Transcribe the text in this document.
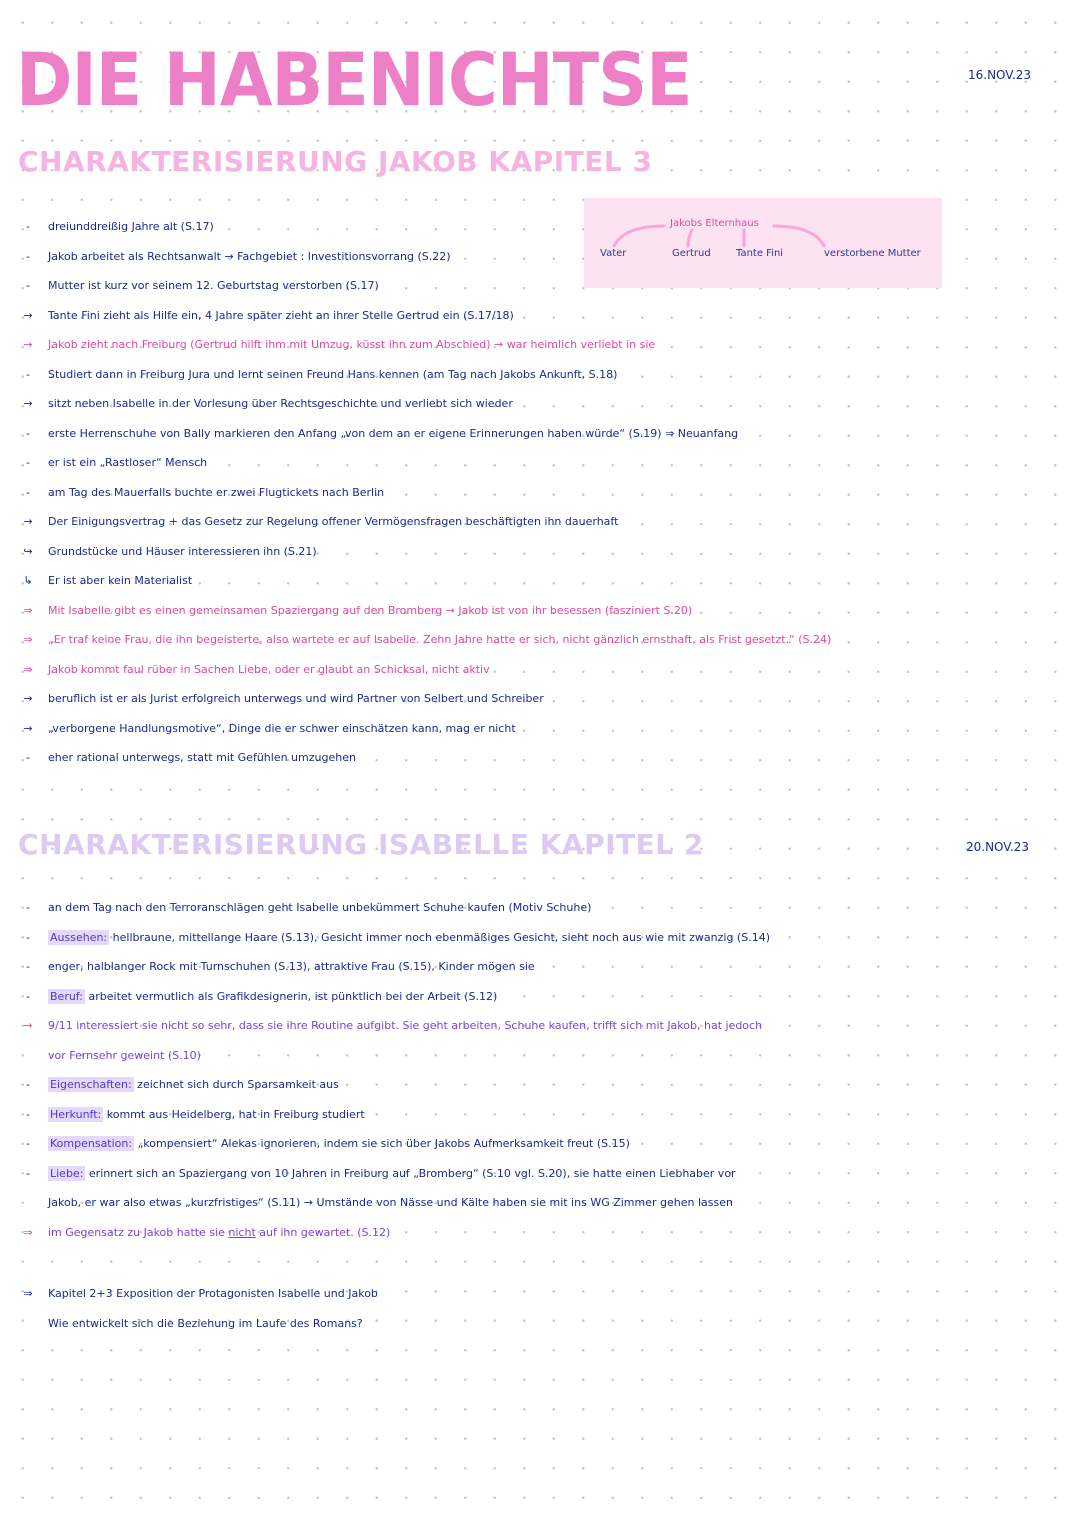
DIE HABENICHTSE	16.NOV.23
CHARAKTERISIERUNG JAKOB KAPITEL 3
Jakobs Elternhaus
Vater	Gertrud	Tante Fini	verstorbene Mutter
-	dreiunddreißig Jahre alt (S.17)
-	Jakob arbeitet als Rechtsanwalt → Fachgebiet : Investitionsvorrang (S.22)
-	Mutter ist kurz vor seinem 12. Geburtstag verstorben (S.17)
→	Tante Fini zieht als Hilfe ein, 4 Jahre später zieht an ihrer Stelle Gertrud ein (S.17/18)
→	Jakob zieht nach Freiburg (Gertrud hilft ihm mit Umzug, küsst ihn zum Abschied) → war heimlich verliebt in sie
-	Studiert dann in Freiburg Jura und lernt seinen Freund Hans kennen (am Tag nach Jakobs Ankunft, S.18)
→	sitzt neben Isabelle in der Vorlesung über Rechtsgeschichte und verliebt sich wieder
-	erste Herrenschuhe von Bally markieren den Anfang „von dem an er eigene Erinnerungen haben würde“ (S.19) ⇒ Neuanfang
-	er ist ein „Rastloser“ Mensch
-	am Tag des Mauerfalls buchte er zwei Flugtickets nach Berlin
→	Der Einigungsvertrag + das Gesetz zur Regelung offener Vermögensfragen beschäftigten ihn dauerhaft
↪	Grundstücke und Häuser interessieren ihn (S.21)
↳	Er ist aber kein Materialist
⇒	Mit Isabelle gibt es einen gemeinsamen Spaziergang auf den Bromberg → Jakob ist von ihr besessen (fasziniert S.20)
⇒	„Er traf keine Frau, die ihn begeisterte, also wartete er auf Isabelle. Zehn Jahre hatte er sich, nicht gänzlich ernsthaft, als Frist gesetzt.“ (S.24)
⇒	Jakob kommt faul rüber in Sachen Liebe, oder er glaubt an Schicksal, nicht aktiv
→	beruflich ist er als Jurist erfolgreich unterwegs und wird Partner von Selbert und Schreiber
→	„verborgene Handlungsmotive“, Dinge die er schwer einschätzen kann, mag er nicht
-	eher rational unterwegs, statt mit Gefühlen umzugehen
CHARAKTERISIERUNG ISABELLE KAPITEL 2	20.NOV.23
-	an dem Tag nach den Terroranschlägen geht Isabelle unbekümmert Schuhe kaufen (Motiv Schuhe)
-	Aussehen: hellbraune, mittellange Haare (S.13), Gesicht immer noch ebenmäßiges Gesicht, sieht noch aus wie mit zwanzig (S.14)
-	enger, halblanger Rock mit Turnschuhen (S.13), attraktive Frau (S.15), Kinder mögen sie
-	Beruf: arbeitet vermutlich als Grafikdesignerin, ist pünktlich bei der Arbeit (S.12)
→	9/11 interessiert sie nicht so sehr, dass sie ihre Routine aufgibt. Sie geht arbeiten, Schuhe kaufen, trifft sich mit Jakob, hat jedoch
vor Fernsehr geweint (S.10)
-	Eigenschaften: zeichnet sich durch Sparsamkeit aus
-	Herkunft: kommt aus Heidelberg, hat in Freiburg studiert
-	Kompensation: „kompensiert“ Alekas ignorieren, indem sie sich über Jakobs Aufmerksamkeit freut (S.15)
-	Liebe: erinnert sich an Spaziergang von 10 Jahren in Freiburg auf „Bromberg“ (S.10 vgl. S.20), sie hatte einen Liebhaber vor
Jakob, er war also etwas „kurzfristiges“ (S.11) → Umstände von Nässe und Kälte haben sie mit ins WG Zimmer gehen lassen
⇒	im Gegensatz zu Jakob hatte sie nicht auf ihn gewartet. (S.12)
⇒	Kapitel 2+3 Exposition der Protagonisten Isabelle und Jakob
Wie entwickelt sich die Beziehung im Laufe des Romans?
